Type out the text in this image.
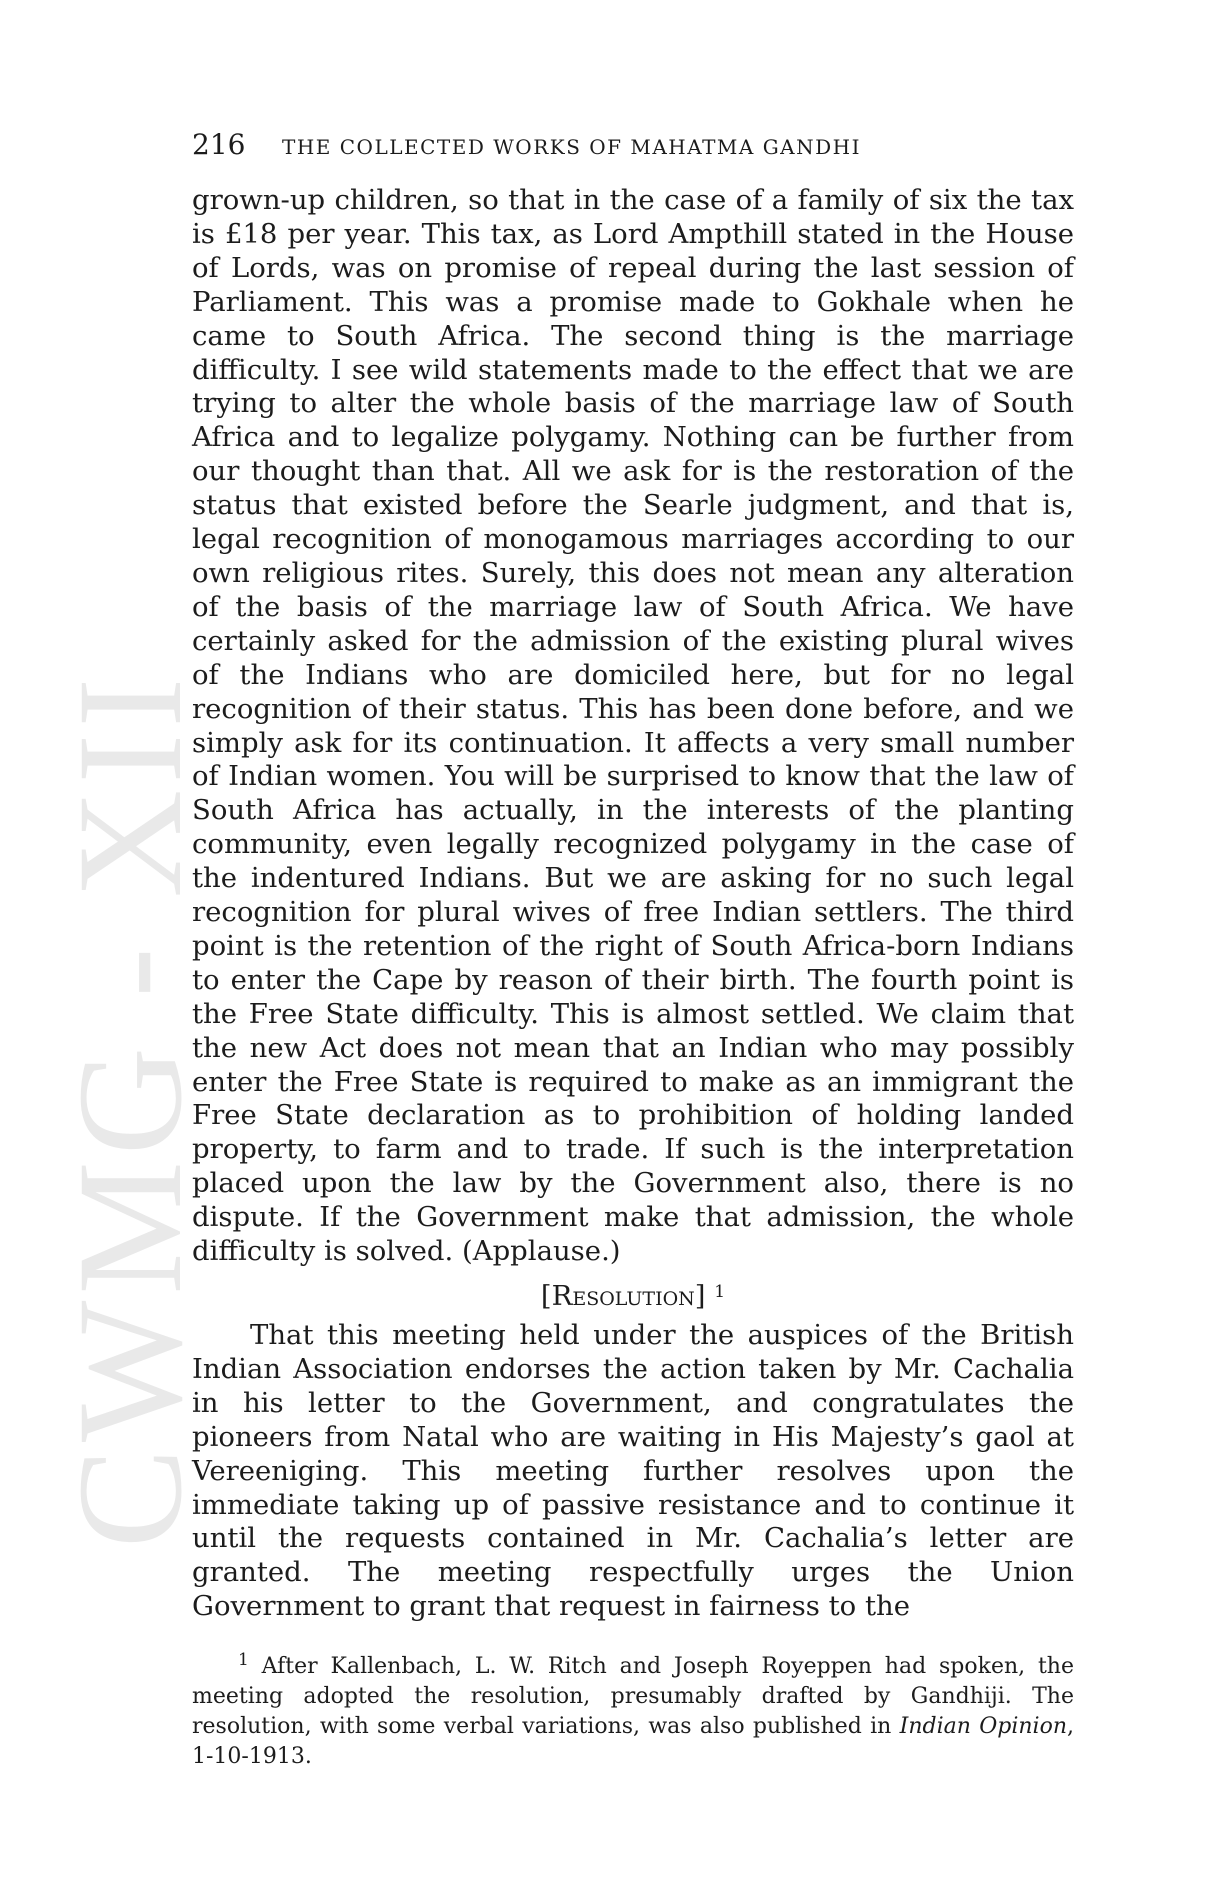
CWMG - XII
216	THE COLLECTED WORKS OF MAHATMA GANDHI

grown-up children, so that in the case of a family of six the tax is £18 per year. This tax, as Lord Ampthill stated in the House of Lords, was on promise of repeal during the last session of Parliament. This was a promise made to Gokhale when he came to South Africa. The second thing is the marriage difficulty. I see wild statements made to the effect that we are trying to alter the whole basis of the marriage law of South Africa and to legalize polygamy. Nothing can be further from our thought than that. All we ask for is the restoration of the status that existed before the Searle judgment, and that is, legal recognition of monogamous marriages according to our own religious rites. Surely, this does not mean any alteration of the basis of the marriage law of South Africa. We have certainly asked for the admission of the existing plural wives of the Indians who are domiciled here, but for no legal recognition of their status. This has been done before, and we simply ask for its continuation. It affects a very small number of Indian women. You will be surprised to know that the law of South Africa has actually, in the interests of the planting community, even legally recognized polygamy in the case of the indentured Indians. But we are asking for no such legal recognition for plural wives of free Indian settlers. The third point is the retention of the right of South Africa-born Indians to enter the Cape by reason of their birth. The fourth point is the Free State difficulty. This is almost settled. We claim that the new Act does not mean that an Indian who may possibly enter the Free State is required to make as an immigrant the Free State declaration as to prohibition of holding landed property, to farm and to trade. If such is the interpretation placed upon the law by the Government also, there is no dispute. If the Government make that admission, the whole difficulty is solved. (Applause.)

[Resolution] $^1$

That this meeting held under the auspices of the British Indian Association endorses the action taken by Mr. Cachalia in his letter to the Government, and congratulates the pioneers from Natal who are waiting in His Majesty’s gaol at Vereeniging. This meeting further resolves upon the immediate taking up of passive resistance and to continue it until the requests contained in Mr. Cachalia’s letter are granted. The meeting respectfully urges the Union Government to grant that request in fairness to the

$^1$ After Kallenbach, L. W. Ritch and Joseph Royeppen had spoken, the meeting adopted the resolution, presumably drafted by Gandhiji. The resolution, with some verbal variations, was also published in Indian Opinion, 1-10-1913.
